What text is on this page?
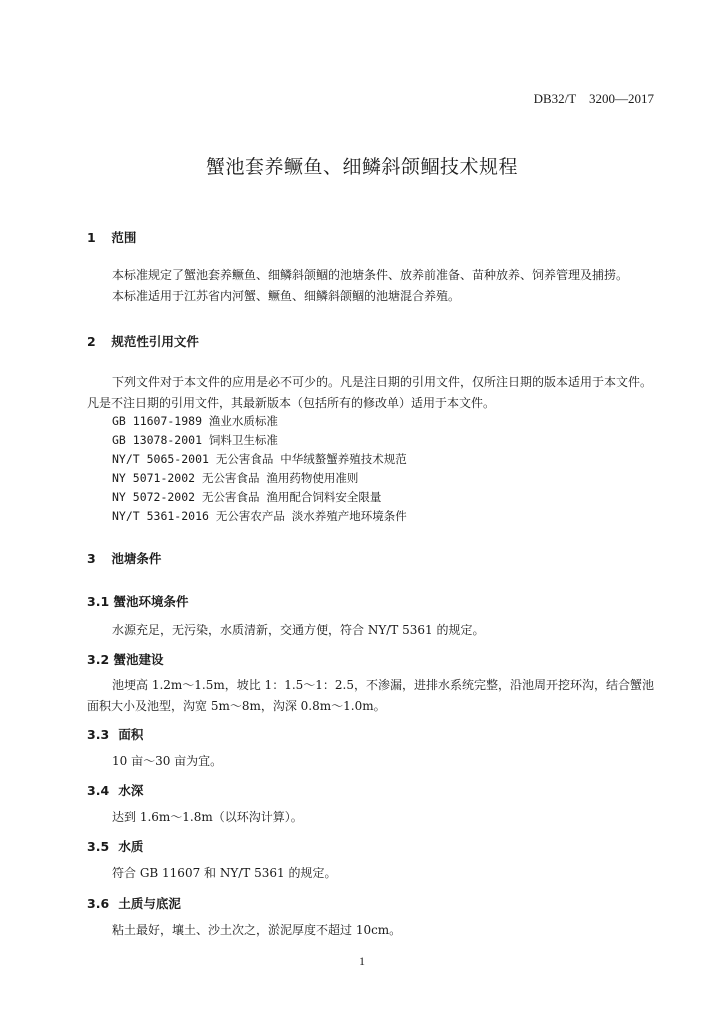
DB32/T　3200—2017
蟹池套养鳜鱼、细鳞斜颌鲴技术规程
1 范围
本标准规定了蟹池套养鳜鱼、细鳞斜颌鲴的池塘条件、放养前准备、苗种放养、饲养管理及捕捞。
本标准适用于江苏省内河蟹、鳜鱼、细鳞斜颌鲴的池塘混合养殖。
2 规范性引用文件
下列文件对于本文件的应用是必不可少的。凡是注日期的引用文件，仅所注日期的版本适用于本文件。凡是不注日期的引用文件，其最新版本（包括所有的修改单）适用于本文件。
GB 11607-1989 渔业水质标准
GB 13078-2001 饲料卫生标准
NY/T 5065-2001 无公害食品 中华绒螯蟹养殖技术规范
NY 5071-2002 无公害食品 渔用药物使用准则
NY 5072-2002 无公害食品 渔用配合饲料安全限量
NY/T 5361-2016 无公害农产品 淡水养殖产地环境条件
3 池塘条件
3.1 蟹池环境条件
水源充足，无污染，水质清新，交通方便，符合 NY/T 5361 的规定。
3.2 蟹池建设
池埂高 1.2m～1.5m，坡比 1：1.5～1：2.5，不渗漏，进排水系统完整，沿池周开挖环沟，结合蟹池面积大小及池型，沟宽 5m～8m，沟深 0.8m～1.0m。
3.3 面积
10 亩～30 亩为宜。
3.4 水深
达到 1.6m～1.8m（以环沟计算）。
3.5 水质
符合 GB 11607 和 NY/T 5361 的规定。
3.6 土质与底泥
粘土最好，壤土、沙土次之，淤泥厚度不超过 10cm。
1
